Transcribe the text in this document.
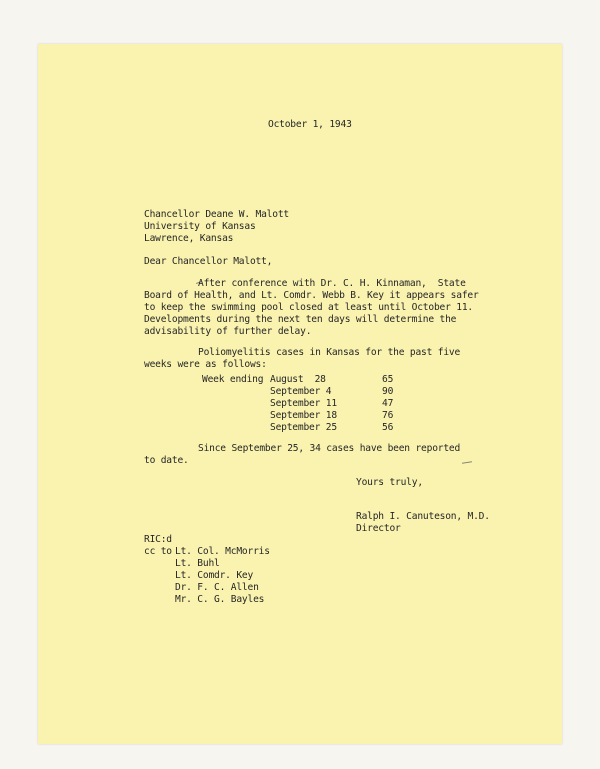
October 1, 1943
Chancellor Deane W. Malott
University of Kansas
Lawrence, Kansas
Dear Chancellor Malott,
After conference with Dr. C. H. Kinnaman,  State
Board of Health, and Lt. Comdr. Webb B. Key it appears safer
to keep the swimming pool closed at least until October 11.
Developments during the next ten days will determine the
advisability of further delay.
Poliomyelitis cases in Kansas for the past five
weeks were as follows:
Week ending August  28	65
September 4	90
September 11	47
September 18	76
September 25	56
Since September 25, 34 cases have been reported
to date.
Yours truly,
Ralph I. Canuteson, M.D.
Director
RIC:d
cc to Lt. Col. McMorris
Lt. Buhl
Lt. Comdr. Key
Dr. F. C. Allen
Mr. C. G. Bayles
